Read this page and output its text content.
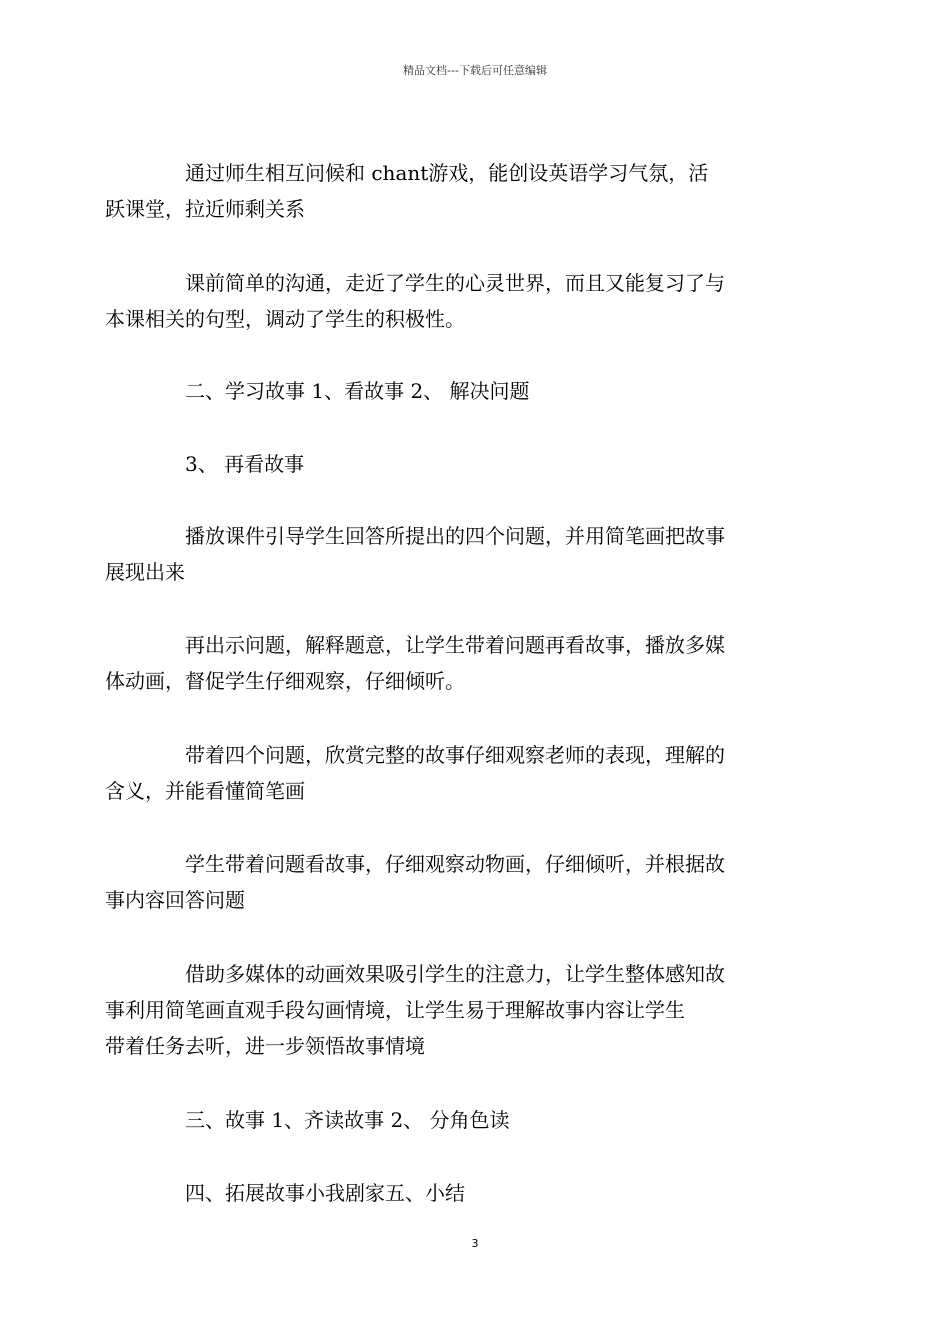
精品文档---下载后可任意编辑
通过师生相互问候和 chant游戏，能创设英语学习气氛，活
跃课堂，拉近师剩关系
课前简单的沟通，走近了学生的心灵世界，而且又能复习了与
本课相关的句型，调动了学生的积极性。
二、学习故事 1、看故事 2、 解决问题
3、 再看故事
播放课件引导学生回答所提出的四个问题，并用简笔画把故事
展现出来
再出示问题，解释题意，让学生带着问题再看故事，播放多媒
体动画，督促学生仔细观察，仔细倾听。
带着四个问题，欣赏完整的故事仔细观察老师的表现，理解的
含义，并能看懂简笔画
学生带着问题看故事，仔细观察动物画，仔细倾听，并根据故
事内容回答问题
借助多媒体的动画效果吸引学生的注意力，让学生整体感知故
事利用简笔画直观手段勾画情境，让学生易于理解故事内容让学生
带着任务去听，进一步领悟故事情境
三、故事 1、齐读故事 2、 分角色读
四、拓展故事小我剧家五、小结
3
